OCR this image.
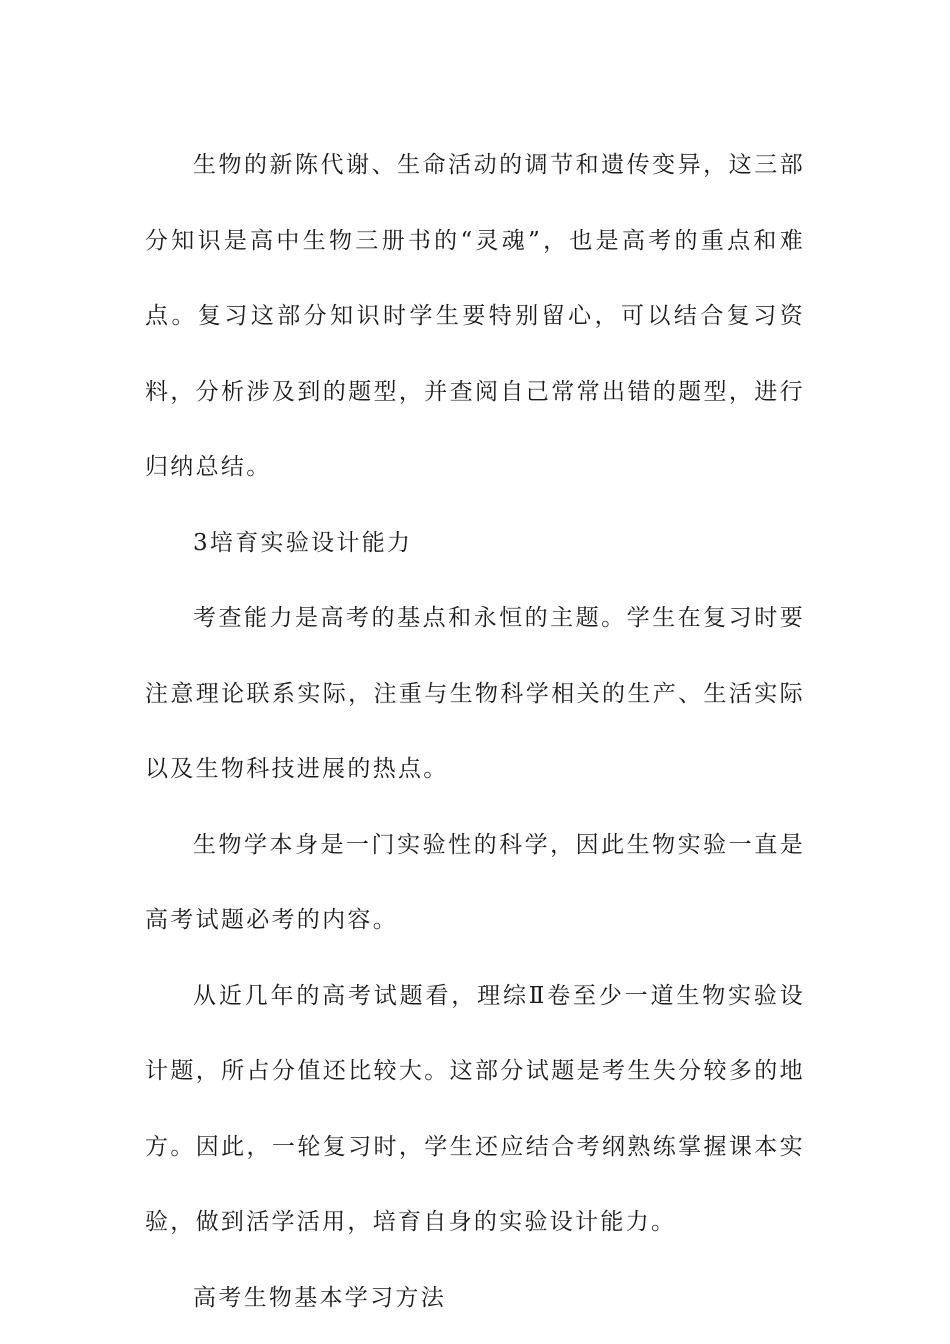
生物的新陈代谢、生命活动的调节和遗传变异，这三部分知识是高中生物三册书的“灵魂”，也是高考的重点和难点。复习这部分知识时学生要特别留心，可以结合复习资料，分析涉及到的题型，并查阅自己常常出错的题型，进行归纳总结。

3培育实验设计能力

考查能力是高考的基点和永恒的主题。学生在复习时要注意理论联系实际，注重与生物科学相关的生产、生活实际以及生物科技进展的热点。

生物学本身是一门实验性的科学，因此生物实验一直是高考试题必考的内容。

从近几年的高考试题看，理综Ⅱ卷至少一道生物实验设计题，所占分值还比较大。这部分试题是考生失分较多的地方。因此，一轮复习时，学生还应结合考纲熟练掌握课本实验，做到活学活用，培育自身的实验设计能力。

高考生物基本学习方法
